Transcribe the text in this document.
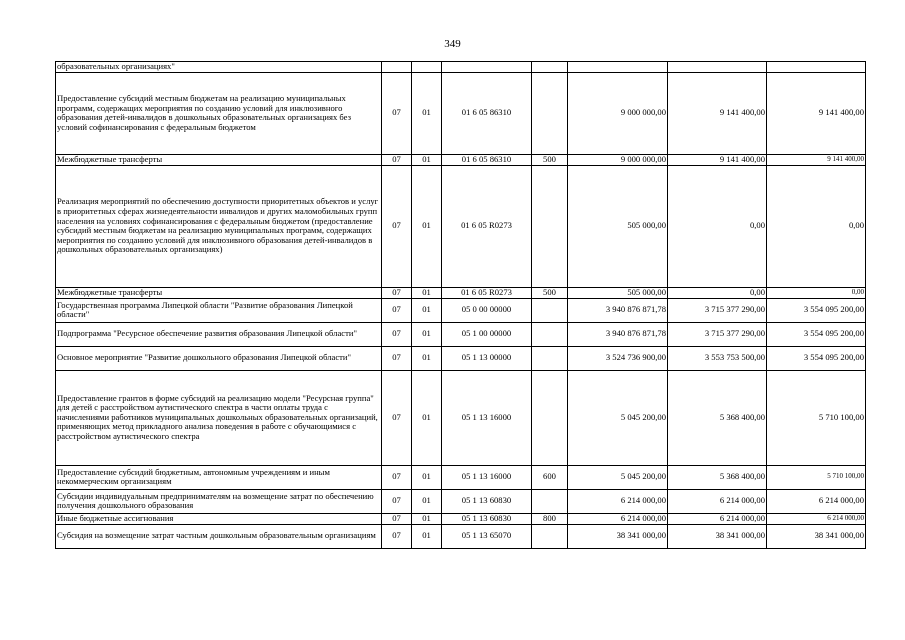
349
образовательных организациях"							
Предоставление субсидий местным бюджетам на реализацию муниципальных программ, содержащих мероприятия по созданию условий для инклюзивного образования детей-инвалидов в дошкольных образовательных организациях без условий софинансирования с федеральным бюджетом	07	01	01 6 05 86310		9 000 000,00	9 141 400,00	9 141 400,00
Межбюджетные трансферты	07	01	01 6 05 86310	500	9 000 000,00	9 141 400,00	9 141 400,00
Реализация мероприятий по обеспечению доступности приоритетных объектов и услуг в приоритетных сферах жизнедеятельности инвалидов и других маломобильных групп населения на условиях софинансирования с федеральным бюджетом (предоставление субсидий местным бюджетам на реализацию муниципальных программ, содержащих мероприятия по созданию условий для инклюзивного образования детей-инвалидов в дошкольных образовательных организациях)	07	01	01 6 05 R0273		505 000,00	0,00	0,00
Межбюджетные трансферты	07	01	01 6 05 R0273	500	505 000,00	0,00	0,00
Государственная программа Липецкой области "Развитие образования Липецкой области"	07	01	05 0 00 00000		3 940 876 871,78	3 715 377 290,00	3 554 095 200,00
Подпрограмма "Ресурсное обеспечение развития образования Липецкой области"	07	01	05 1 00 00000		3 940 876 871,78	3 715 377 290,00	3 554 095 200,00
Основное мероприятие "Развитие дошкольного образования Липецкой области"	07	01	05 1 13 00000		3 524 736 900,00	3 553 753 500,00	3 554 095 200,00
Предоставление грантов в форме субсидий на реализацию модели "Ресурсная группа" для детей с расстройством аутистического спектра в части оплаты труда с начислениями работников муниципальных дошкольных образовательных организаций, применяющих метод прикладного анализа поведения в работе с обучающимися с расстройством аутистического спектра	07	01	05 1 13 16000		5 045 200,00	5 368 400,00	5 710 100,00
Предоставление субсидий бюджетным, автономным учреждениям и иным некоммерческим организациям	07	01	05 1 13 16000	600	5 045 200,00	5 368 400,00	5 710 100,00
Субсидии индивидуальным предпринимателям на возмещение затрат по обеспечению получения дошкольного образования	07	01	05 1 13 60830		6 214 000,00	6 214 000,00	6 214 000,00
Иные бюджетные ассигнования	07	01	05 1 13 60830	800	6 214 000,00	6 214 000,00	6 214 000,00
Субсидия на возмещение затрат частным дошкольным образовательным организациям	07	01	05 1 13 65070		38 341 000,00	38 341 000,00	38 341 000,00
